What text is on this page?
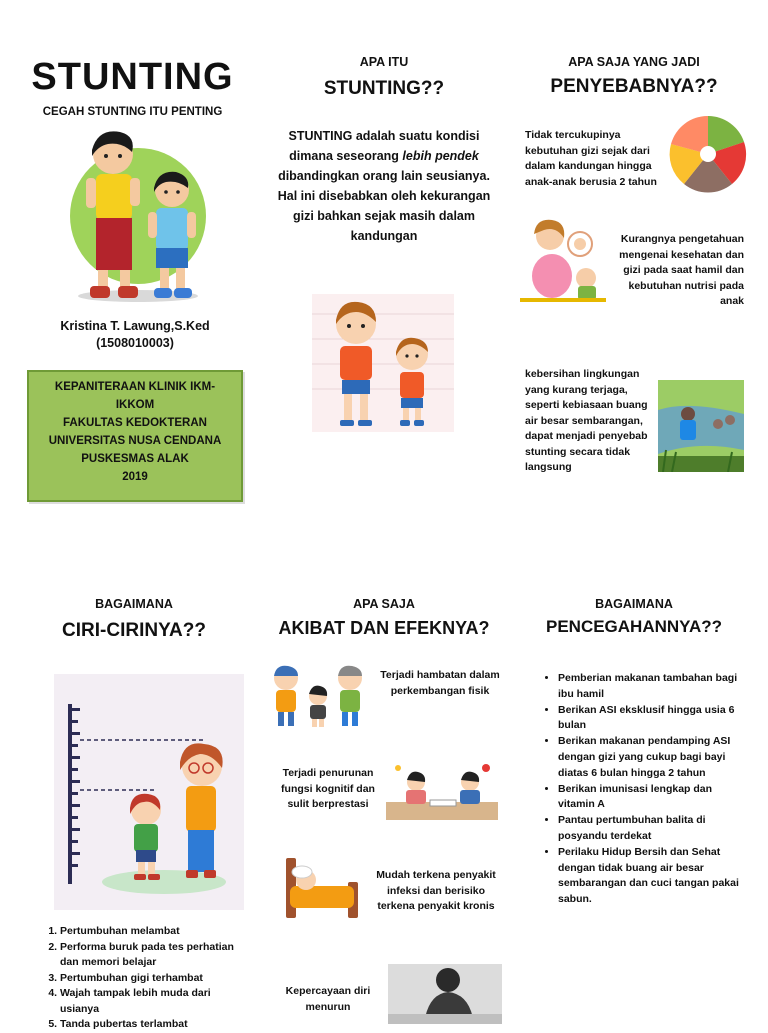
STUNTING
CEGAH STUNTING ITU PENTING
Kristina T. Lawung,S.Ked
(1508010003)
KEPANITERAAN KLINIK IKM-
IKKOM
FAKULTAS KEDOKTERAN
UNIVERSITAS NUSA CENDANA
PUSKESMAS ALAK
2019
APA ITU
STUNTING??
STUNTING adalah suatu kondisi dimana seseorang lebih pendek dibandingkan orang lain seusianya. Hal ini disebabkan oleh kekurangan gizi bahkan sejak masih dalam kandungan
APA SAJA YANG JADI
PENYEBABNYA??
Tidak tercukupinya kebutuhan gizi sejak dari dalam kandungan hingga anak-anak berusia 2 tahun
Kurangnya pengetahuan mengenai kesehatan dan gizi pada saat hamil dan kebutuhan nutrisi pada anak
kebersihan lingkungan yang kurang terjaga, seperti kebiasaan buang air besar sembarangan, dapat menjadi penyebab stunting secara tidak langsung
BAGAIMANA
CIRI-CIRINYA??
1. Pertumbuhan melambat
2. Performa buruk pada tes perhatian dan memori belajar
3. Pertumbuhan gigi terhambat
4. Wajah tampak lebih muda dari usianya
5. Tanda pubertas terlambat
APA SAJA
AKIBAT DAN EFEKNYA?
Terjadi hambatan dalam perkembangan fisik
Terjadi penurunan fungsi kognitif dan sulit berprestasi
Mudah terkena penyakit infeksi dan berisiko terkena penyakit kronis
Kepercayaan diri menurun
BAGAIMANA
PENCEGAHANNYA??
• Pemberian makanan tambahan bagi ibu hamil
• Berikan ASI eksklusif hingga usia 6 bulan
• Berikan makanan pendamping ASI dengan gizi yang cukup bagi bayi diatas 6 bulan hingga 2 tahun
• Berikan imunisasi lengkap dan vitamin A
• Pantau pertumbuhan balita di posyandu terdekat
• Perilaku Hidup Bersih dan Sehat dengan tidak buang air besar sembarangan dan cuci tangan pakai sabun.
